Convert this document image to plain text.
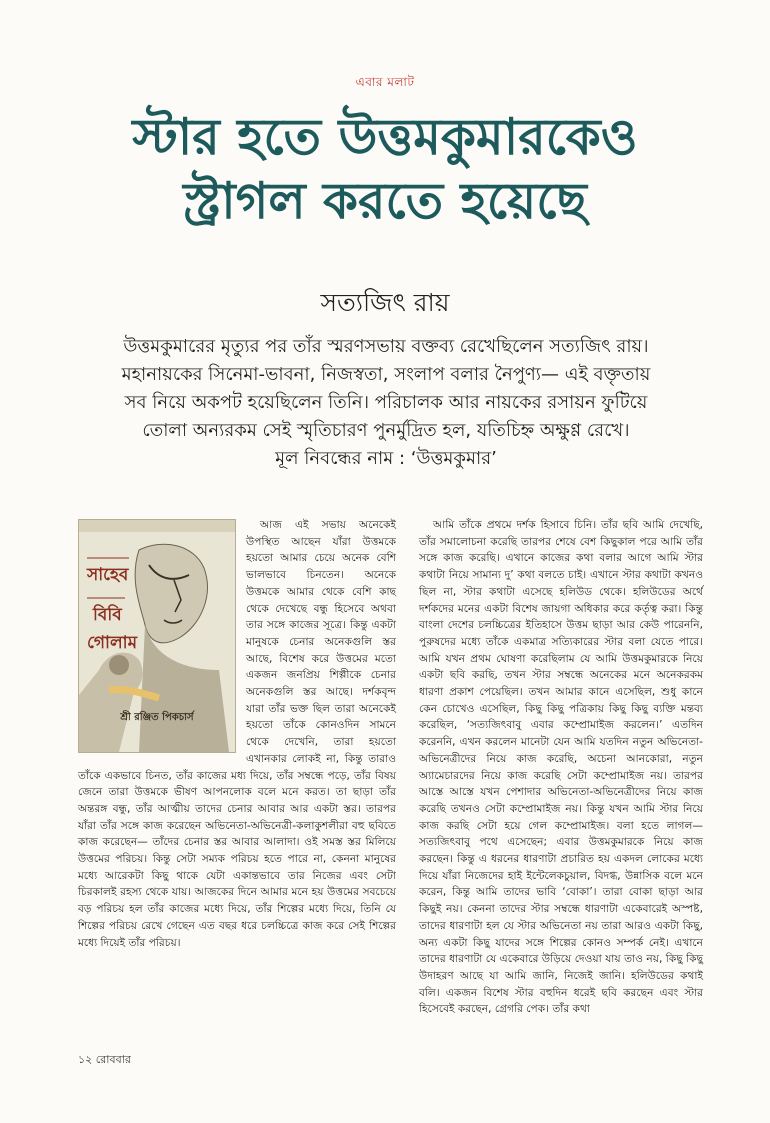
এবার মলাট
স্টার হতে উত্তমকুমারকেও
স্ট্রাগল করতে হয়েছে
সত্যজিৎ রায়
উত্তমকুমারের মৃত্যুর পর তাঁর স্মরণসভায় বক্তব্য রেখেছিলেন সত্যজিৎ রায়।
মহানায়কের সিনেমা-ভাবনা, নিজস্বতা, সংলাপ বলার নৈপুণ্য— এই বক্তৃতায়
সব নিয়ে অকপট হয়েছিলেন তিনি। পরিচালক আর নায়কের রসায়ন ফুটিয়ে
তোলা অন্যরকম সেই স্মৃতিচারণ পুনর্মুদ্রিত হল, যতিচিহ্ন অক্ষুণ্ণ রেখে।
মূল নিবন্ধের নাম : ‘উত্তমকুমার’
সাহেব
বিবি
গোলাম
শ্রী রঞ্জিত পিকচার্স

আজ এই সভায় অনেকেই উপস্থিত আছেন যাঁরা উত্তমকে হয়তো আমার চেয়ে অনেক বেশি ভালভাবে চিনতেন। অনেকে উত্তমকে আমার থেকে বেশি কাছ থেকে দেখেছে বন্ধু হিসেবে অথবা তার সঙ্গে কাজের সূত্রে। কিন্তু একটা মানুষকে চেনার অনেকগুলি স্তর আছে, বিশেষ করে উত্তমের মতো একজন জনপ্রিয় শিল্পীকে চেনার অনেকগুলি স্তর আছে। দর্শকবৃন্দ যারা তাঁর ভক্ত ছিল তারা অনেকেই হয়তো তাঁকে কোনওদিন সামনে থেকে দেখেনি, তারা হয়তো এখানকার লোকই না, কিন্তু তারাও তাঁকে একভাবে চিনত, তাঁর কাজের মধ্য দিয়ে, তাঁর সম্বন্ধে পড়ে, তাঁর বিষয় জেনে তারা উত্তমকে ভীষণ আপনলোক বলে মনে করত। তা ছাড়া তাঁর অন্তরঙ্গ বন্ধু, তাঁর আত্মীয় তাদের চেনার আবার আর একটা স্তর। তারপর যাঁরা তাঁর সঙ্গে কাজ করেছেন অভিনেতা-অভিনেত্রী-কলাকুশলীরা বহু ছবিতে কাজ করেছেন— তাঁদের চেনার স্তর আবার আলাদা। ওই সমস্ত স্তর মিলিয়ে উত্তমের পরিচয়। কিন্তু সেটা সম্যক পরিচয় হতে পারে না, কেননা মানুষের মধ্যে আরেকটা কিছু থাকে যেটা একান্তভাবে তার নিজের এবং সেটা চিরকালই রহস্য থেকে যায়। আজকের দিনে আমার মনে হয় উত্তমের সবচেয়ে বড় পরিচয় হল তাঁর কাজের মধ্যে দিয়ে, তাঁর শিল্পের মধ্যে দিয়ে, তিনি যে শিল্পের পরিচয় রেখে গেছেন এত বছর ধরে চলচ্চিত্রে কাজ করে সেই শিল্পের মধ্যে দিয়েই তাঁর পরিচয়।

আমি তাঁকে প্রথমে দর্শক হিসাবে চিনি। তাঁর ছবি আমি দেখেছি, তাঁর সমালোচনা করেছি তারপর শেষে বেশ কিছুকাল পরে আমি তাঁর সঙ্গে কাজ করেছি। এখানে কাজের কথা বলার আগে আমি স্টার কথাটা নিয়ে সামান্য দু’ কথা বলতে চাই। এখানে স্টার কথাটা কখনও ছিল না, স্টার কথাটা এসেছে হলিউড থেকে। হলিউডের অর্থে দর্শকদের মনের একটা বিশেষ জায়গা অধিকার করে কর্তৃত্ব করা। কিন্তু বাংলা দেশের চলচ্চিত্রের ইতিহাসে উত্তম ছাড়া আর কেউ পারেননি, পুরুষদের মধ্যে তাঁকে একমাত্র সত্যিকারের স্টার বলা যেতে পারে। আমি যখন প্রথম ঘোষণা করেছিলাম যে আমি উত্তমকুমারকে নিয়ে একটা ছবি করছি, তখন স্টার সম্বন্ধে অনেকের মনে অনেকরকম ধারণা প্রকাশ পেয়েছিল। তখন আমার কানে এসেছিল, শুধু কানে কেন চোখেও এসেছিল, কিছু কিছু পত্রিকায় কিছু কিছু ব্যক্তি মন্তব্য করেছিল, ‘সত্যজিৎবাবু এবার কম্প্রোমাইজ করলেন।’ এতদিন করেননি, এখন করলেন মানেটা যেন আমি যতদিন নতুন অভিনেতা-অভিনেত্রীদের নিয়ে কাজ করেছি, অচেনা আনকোরা, নতুন অ্যামেচারদের নিয়ে কাজ করেছি সেটা কম্প্রোমাইজ নয়। তারপর আস্তে আস্তে যখন পেশাদার অভিনেতা-অভিনেত্রীদের নিয়ে কাজ করেছি তখনও সেটা কম্প্রোমাইজ নয়। কিন্তু যখন আমি স্টার নিয়ে কাজ করছি সেটা হয়ে গেল কম্প্রোমাইজ। বলা হতে লাগল— সত্যজিৎবাবু পথে এসেছেন; এবার উত্তমকুমারকে নিয়ে কাজ করছেন। কিন্তু এ ধরনের ধারণাটা প্রচারিত হয় একদল লোকের মধ্যে দিয়ে যাঁরা নিজেদের হাই ইন্টেলেকচুয়াল, বিদগ্ধ, উন্নাসিক বলে মনে করেন, কিন্তু আমি তাদের ভাবি ‘বোকা’। তারা বোকা ছাড়া আর কিছুই নয়। কেননা তাদের স্টার সম্বন্ধে ধারণাটা একেবারেই অস্পষ্ট, তাদের ধারণাটা হল যে স্টার অভিনেতা নয় তারা আরও একটা কিছু, অন্য একটা কিছু যাদের সঙ্গে শিল্পের কোনও সম্পর্ক নেই। এখানে তাদের ধারণাটা যে একেবারে উড়িয়ে দেওয়া যায় তাও নয়, কিছু কিছু উদাহরণ আছে যা আমি জানি, নিজেই জানি। হলিউডের কথাই বলি। একজন বিশেষ স্টার বহুদিন ধরেই ছবি করছেন এবং স্টার হিসেবেই করছেন, গ্রেগরি পেক। তাঁর কথা

১২ রোববার
